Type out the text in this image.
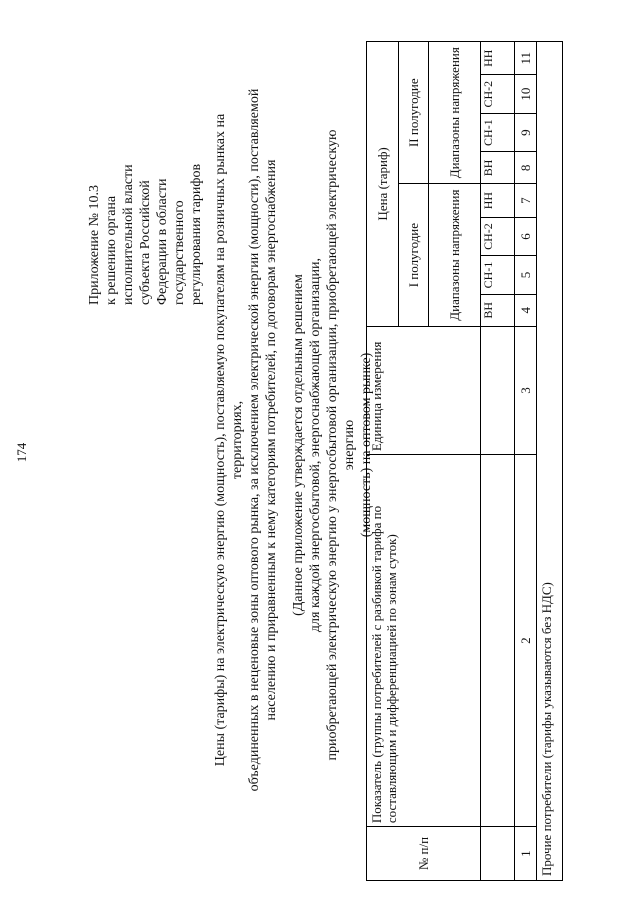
174
Приложение № 10.3 к решению органа исполнительной власти субъекта Российской Федерации в области государственного регулирования тарифов Цены (тарифы) на электрическую энергию (мощность), поставляемую покупателям на розничных рынках на территориях, объединенных в неценовые зоны оптового рынка, за исключением электрической энергии (мощности), поставляемой населению и приравненным к нему категориям потребителей, по договорам энергоснабжения (Данное приложение утверждается отдельным решением для каждой энергосбытовой, энергоснабжающей организации, приобретающей электрическую энергию у энергосбытовой организации, приобретающей электрическую энергию (мощность) на оптовом рынке)
№ п/п	Показатель (группы потребителей с разбивкой тарифа по составляющим и дифференциацией по зонам суток)	Единица измерения	Цена (тариф)							
			I полугодие				II полугодие			
			Диапазоны напряжения				Диапазоны напряжения			
			ВН	СН-1	СН-2	НН	ВН	СН-1	СН-2	НН
1	2	3	4	5	6	7	8	9	10	11
Прочие потребители (тарифы указываются без НДС)										
